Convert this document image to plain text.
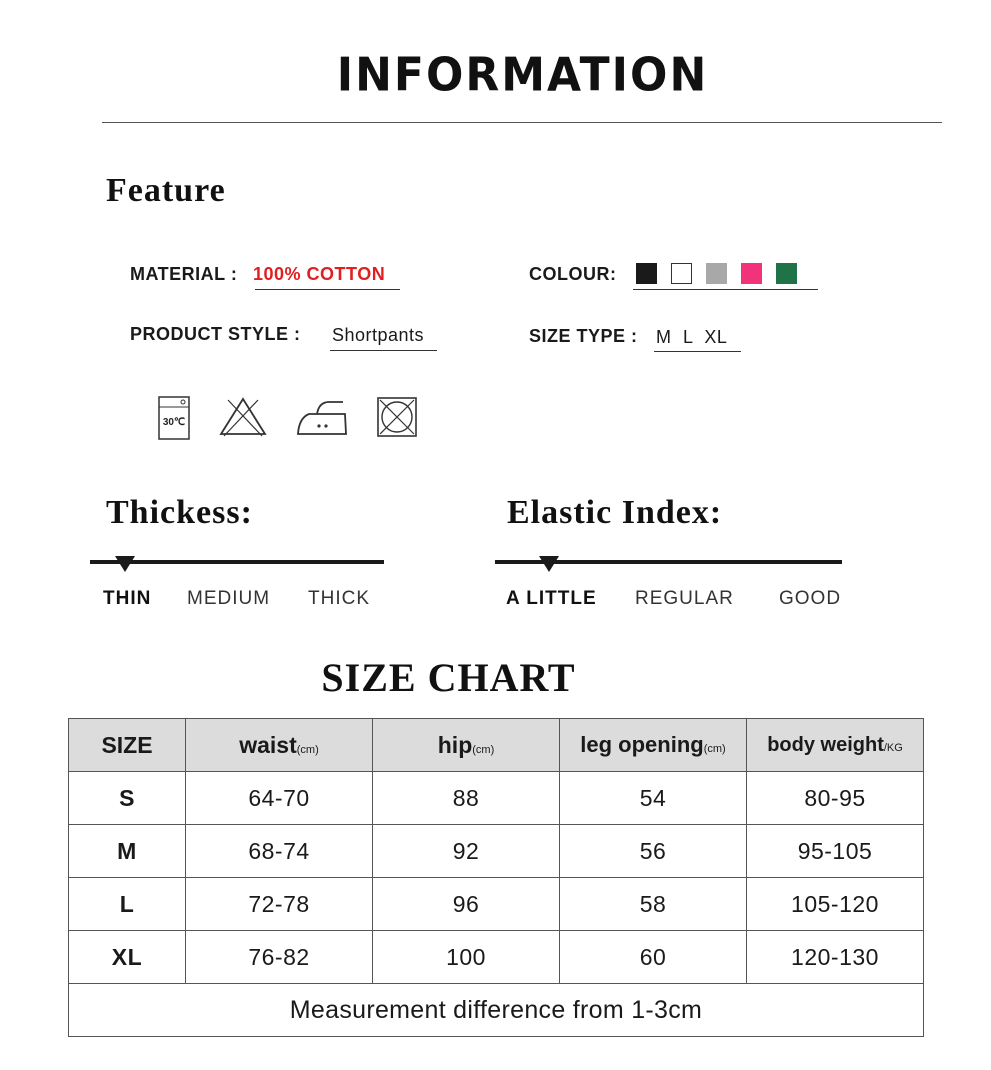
INFORMATION
Feature
MATERIAL : 100% COTTON	COLOUR:
PRODUCT STYLE : Shortpants	SIZE TYPE : M L XL
30℃
Thickess:
THIN MEDIUM THICK
Elastic Index:
A LITTLE REGULAR GOOD
SIZE CHART
SIZE	waist(cm)	hip(cm)	leg opening(cm)	body weight/KG
S	64-70	88	54	80-95
M	68-74	92	56	95-105
L	72-78	96	58	105-120
XL	76-82	100	60	120-130
Measurement difference from 1-3cm				
